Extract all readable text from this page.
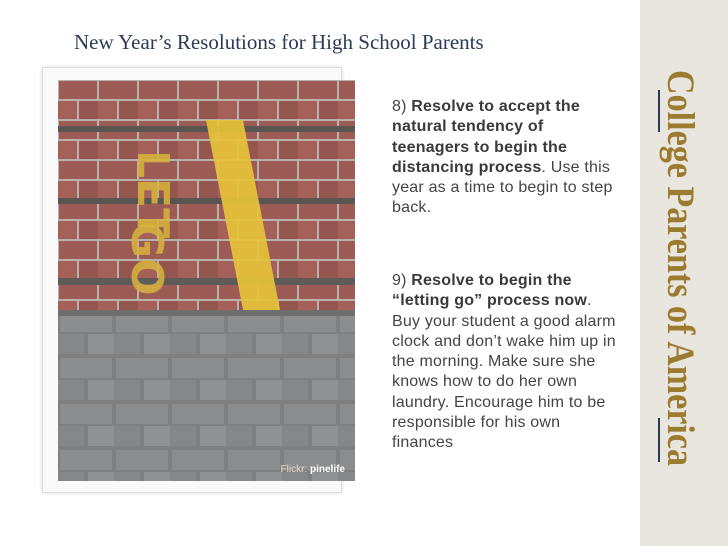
New Year’s Resolutions for High School Parents
LET
GO
Flickr: pinelife
8) Resolve to accept the natural tendency of teenagers to begin the distancing process. Use this year as a time to begin to step back.
9) Resolve to begin the “letting go” process now. Buy your student a good alarm clock and don’t wake him up in the morning. Make sure she knows how to do her own laundry. Encourage him to be responsible for his own finances	College Parents of America
